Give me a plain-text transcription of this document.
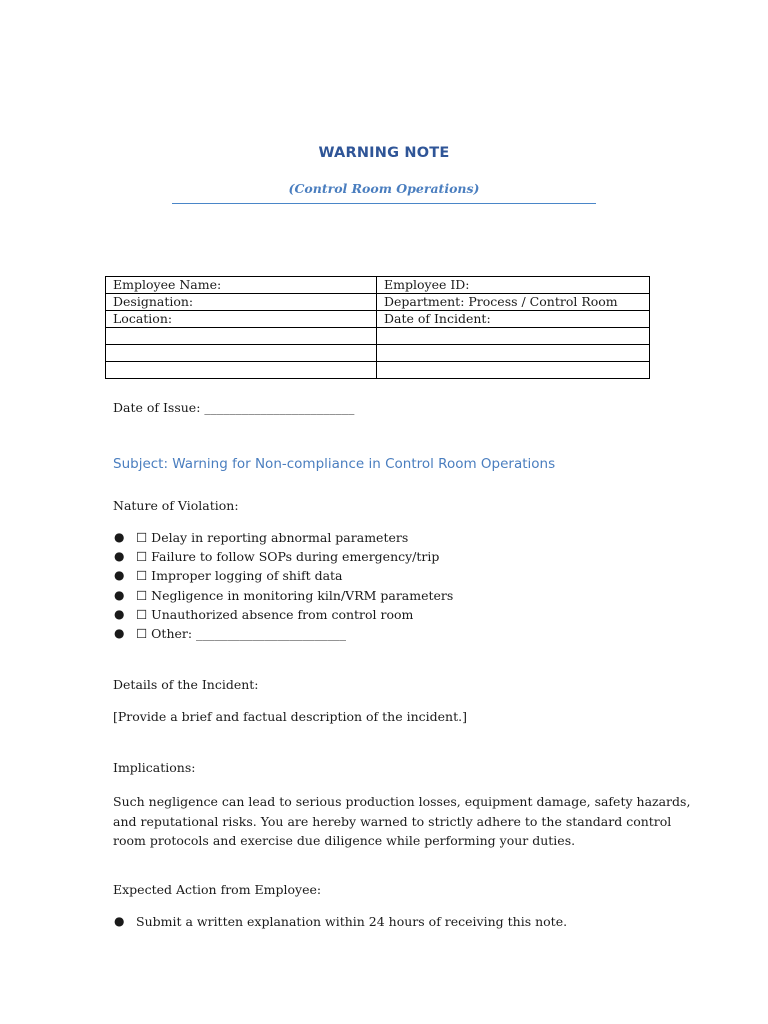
WARNING NOTE
(Control Room Operations)
Employee Name:	Employee ID:
Designation:	Department: Process / Control Room
Location:	Date of Incident:

Date of Issue: ________________________
Subject: Warning for Non-compliance in Control Room Operations
Nature of Violation:
● ☐ Delay in reporting abnormal parameters
● ☐ Failure to follow SOPs during emergency/trip
● ☐ Improper logging of shift data
● ☐ Negligence in monitoring kiln/VRM parameters
● ☐ Unauthorized absence from control room
● ☐ Other: ________________________
Details of the Incident:
[Provide a brief and factual description of the incident.]
Implications:
Such negligence can lead to serious production losses, equipment damage, safety hazards,
and reputational risks. You are hereby warned to strictly adhere to the standard control
room protocols and exercise due diligence while performing your duties.
Expected Action from Employee:
● Submit a written explanation within 24 hours of receiving this note.
